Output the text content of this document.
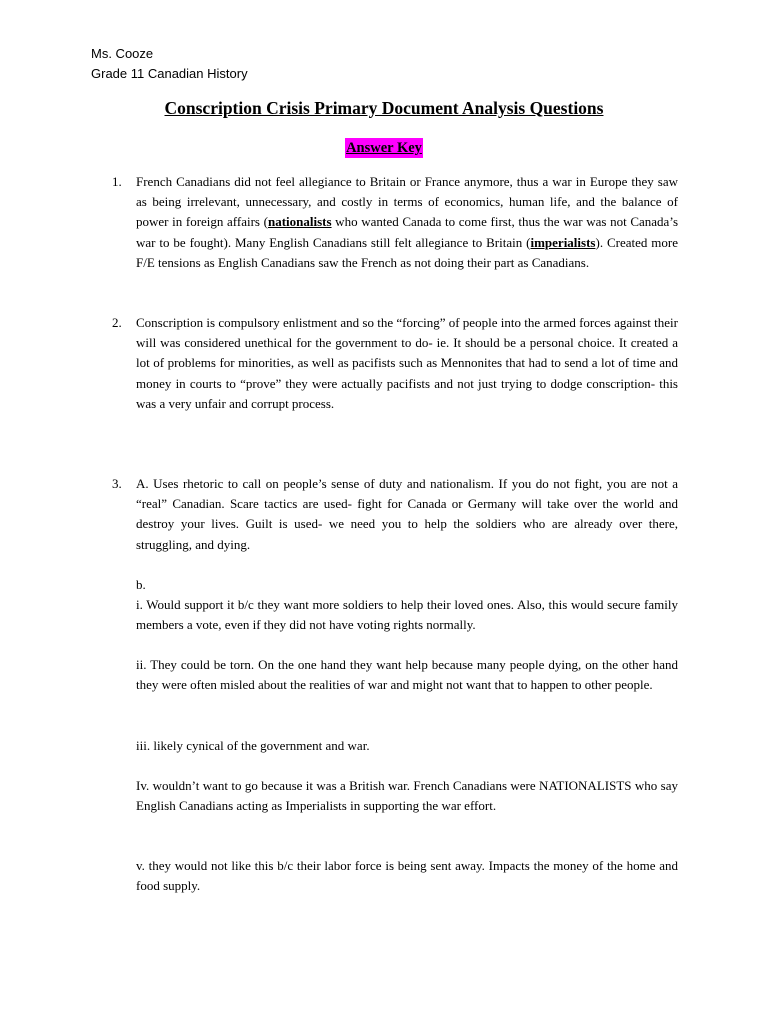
Ms. Cooze
Grade 11 Canadian History
Conscription Crisis Primary Document Analysis Questions
Answer Key
1.	French Canadians did not feel allegiance to Britain or France anymore, thus a war in Europe they saw as being irrelevant, unnecessary, and costly in terms of economics, human life, and the balance of power in foreign affairs (nationalists who wanted Canada to come first, thus the war was not Canada’s war to be fought). Many English Canadians still felt allegiance to Britain (imperialists). Created more F/E tensions as English Canadians saw the French as not doing their part as Canadians.
2.	Conscription is compulsory enlistment and so the “forcing” of people into the armed forces against their will was considered unethical for the government to do- ie. It should be a personal choice. It created a lot of problems for minorities, as well as pacifists such as Mennonites that had to send a lot of time and money in courts to “prove” they were actually pacifists and not just trying to dodge conscription- this was a very unfair and corrupt process.
3.	A. Uses rhetoric to call on people’s sense of duty and nationalism. If you do not fight, you are not a “real” Canadian. Scare tactics are used- fight for Canada or Germany will take over the world and destroy your lives. Guilt is used- we need you to help the soldiers who are already over there, struggling, and dying.
b.
i. Would support it b/c they want more soldiers to help their loved ones. Also, this would secure family members a vote, even if they did not have voting rights normally.
ii. They could be torn. On the one hand they want help because many people dying, on the other hand they were often misled about the realities of war and might not want that to happen to other people.
iii. likely cynical of the government and war.
Iv. wouldn’t want to go because it was a British war. French Canadians were NATIONALISTS who say English Canadians acting as Imperialists in supporting the war effort.
v. they would not like this b/c their labor force is being sent away. Impacts the money of the home and food supply.
